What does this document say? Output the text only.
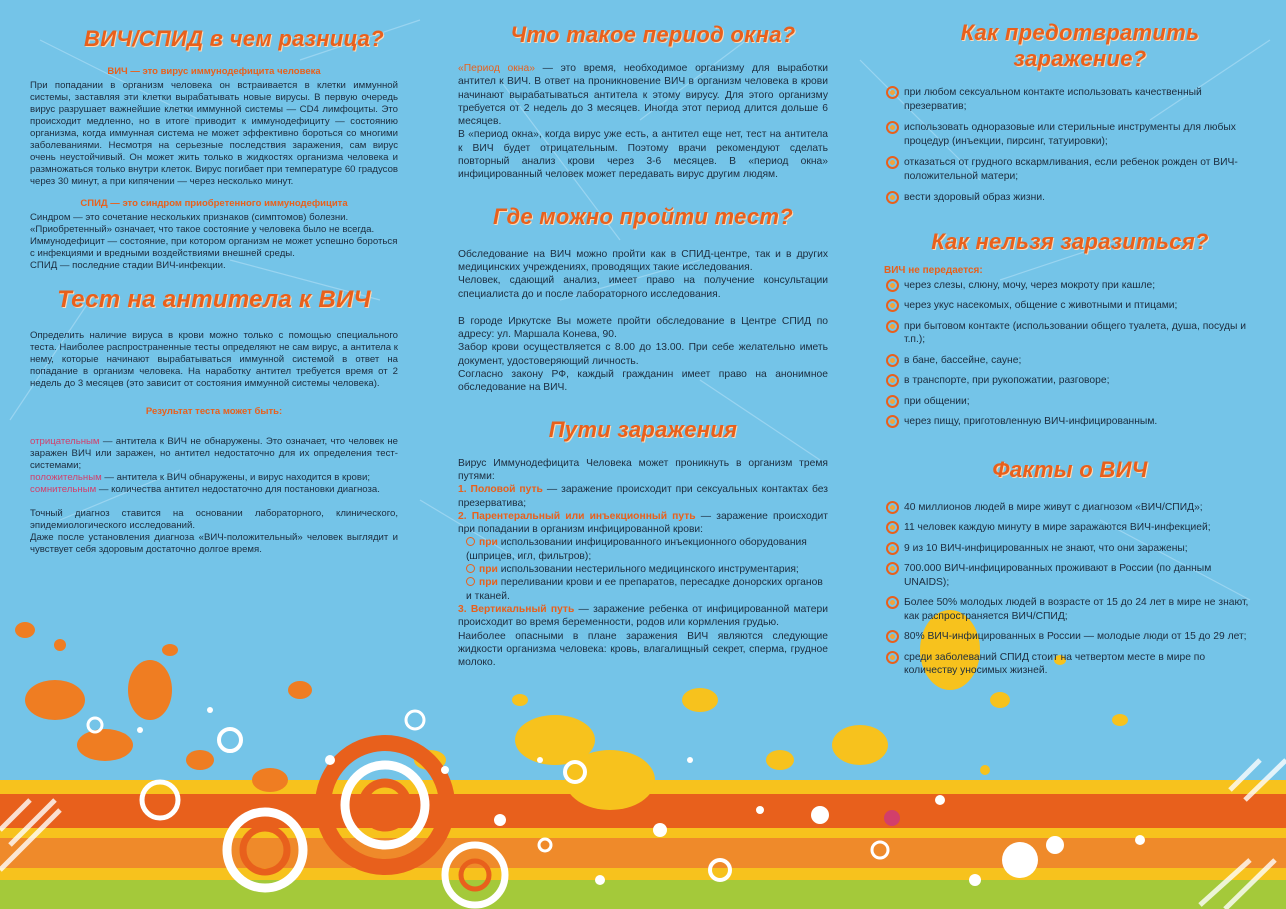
ВИЧ/СПИД в чем разница?

ВИЧ — это вирус иммунодефицита человека

При попадании в организм человека он встраивается в клетки иммунной системы, заставляя эти клетки вырабатывать новые вирусы. В первую очередь вирус разрушает важнейшие клетки иммунной системы — CD4 лимфоциты. Это происходит медленно, но в итоге приводит к иммунодефициту — состоянию организма, когда иммунная система не может эффективно бороться со многими заболеваниями. Несмотря на серьезные последствия заражения, сам вирус очень неустойчивый. Он может жить только в жидкостях организма человека и размножаться только внутри клеток. Вирус погибает при температуре 60 градусов через 30 минут, а при кипячении — через несколько минут.

СПИД — это синдром приобретенного иммунодефицита

Синдром — это сочетание нескольких признаков (симптомов) болезни.

«Приобретенный» означает, что такое состояние у человека было не всегда.

Иммунодефицит — состояние, при котором организм не может успешно бороться с инфекциями и вредными воздействиями внешней среды.

СПИД — последние стадии ВИЧ-инфекции.

Тест на антитела к ВИЧ

Определить наличие вируса в крови можно только с помощью специального теста. Наиболее распространенные тесты определяют не сам вирус, а антитела к нему, которые начинают вырабатываться иммунной системой в ответ на попадание в организм человека. На наработку антител требуется время от 2 недель до 3 месяцев (это зависит от состояния иммунной системы человека).

Результат теста может быть:

отрицательным — антитела к ВИЧ не обнаружены. Это означает, что человек не заражен ВИЧ или заражен, но антител недостаточно для их определения тест-системами;

положительным — антитела к ВИЧ обнаружены, и вирус находится в крови;

сомнительным — количества антител недостаточно для постановки диагноза.

Точный диагноз ставится на основании лабораторного, клинического, эпидемиологического исследований.

Даже после установления диагноза «ВИЧ-положительный» человек выглядит и чувствует себя здоровым достаточно долгое время.

Что такое период окна?

«Период окна» — это время, необходимое организму для выработки антител к ВИЧ. В ответ на проникновение ВИЧ в организм человека в крови начинают вырабатываться антитела к этому вирусу. Для этого организму требуется от 2 недель до 3 месяцев. Иногда этот период длится дольше 6 месяцев.

В «период окна», когда вирус уже есть, а антител еще нет, тест на антитела к ВИЧ будет отрицательным. Поэтому врачи рекомендуют сделать повторный анализ крови через 3-6 месяцев. В «период окна» инфицированный человек может передавать вирус другим людям.

Где можно пройти тест?

Обследование на ВИЧ можно пройти как в СПИД-центре, так и в других медицинских учреждениях, проводящих такие исследования.

Человек, сдающий анализ, имеет право на получение консультации специалиста до и после лабораторного исследования.

В городе Иркутске Вы можете пройти обследование в Центре СПИД по адресу: ул. Маршала Конева, 90.

Забор крови осуществляется с 8.00 до 13.00. При себе желательно иметь документ, удостоверяющий личность.

Согласно закону РФ, каждый гражданин имеет право на анонимное обследование на ВИЧ.

Пути заражения

Вирус Иммунодефицита Человека может проникнуть в организм тремя путями:

1. Половой путь — заражение происходит при сексуальных контактах без презерватива;

2. Парентеральный или инъекционный путь — заражение происходит при попадании в организм инфицированной крови:

при использовании инфицированного инъекционного оборудования (шприцев, игл, фильтров);

при использовании нестерильного медицинского инструментария;

при переливании крови и ее препаратов, пересадке донорских органов и тканей.

3. Вертикальный путь — заражение ребенка от инфицированной матери происходит во время беременности, родов или кормления грудью.

Наиболее опасными в плане заражения ВИЧ являются следующие жидкости организма человека: кровь, влагалищный секрет, сперма, грудное молоко.

Как предотвратить заражение?
при любом сексуальном контакте использовать качественный презерватив;
использовать одноразовые или стерильные инструменты для любых процедур (инъекции, пирсинг, татуировки);
отказаться от грудного вскармливания, если ребенок рожден от ВИЧ-положительной матери;
вести здоровый образ жизни.
Как нельзя заразиться?

ВИЧ не передается:

через слезы, слюну, мочу, через мокроту при кашле;
через укус насекомых, общение с животными и птицами;
при бытовом контакте (использовании общего туалета, душа, посуды и т.п.);
в бане, бассейне, сауне;
в транспорте, при рукопожатии, разговоре;
при общении;
через пищу, приготовленную ВИЧ-инфицированным.
Факты о ВИЧ
40 миллионов людей в мире живут с диагнозом «ВИЧ/СПИД»;
11 человек каждую минуту в мире заражаются ВИЧ-инфекцией;
9 из 10 ВИЧ-инфицированных не знают, что они заражены;
700.000 ВИЧ-инфицированных проживают в России (по данным UNAIDS);
Более 50% молодых людей в возрасте от 15 до 24 лет в мире не знают, как распространяется ВИЧ/СПИД;
80% ВИЧ-инфицированных в России — молодые люди от 15 до 29 лет;
среди заболеваний СПИД стоит на четвертом месте в мире по количеству уносимых жизней.
